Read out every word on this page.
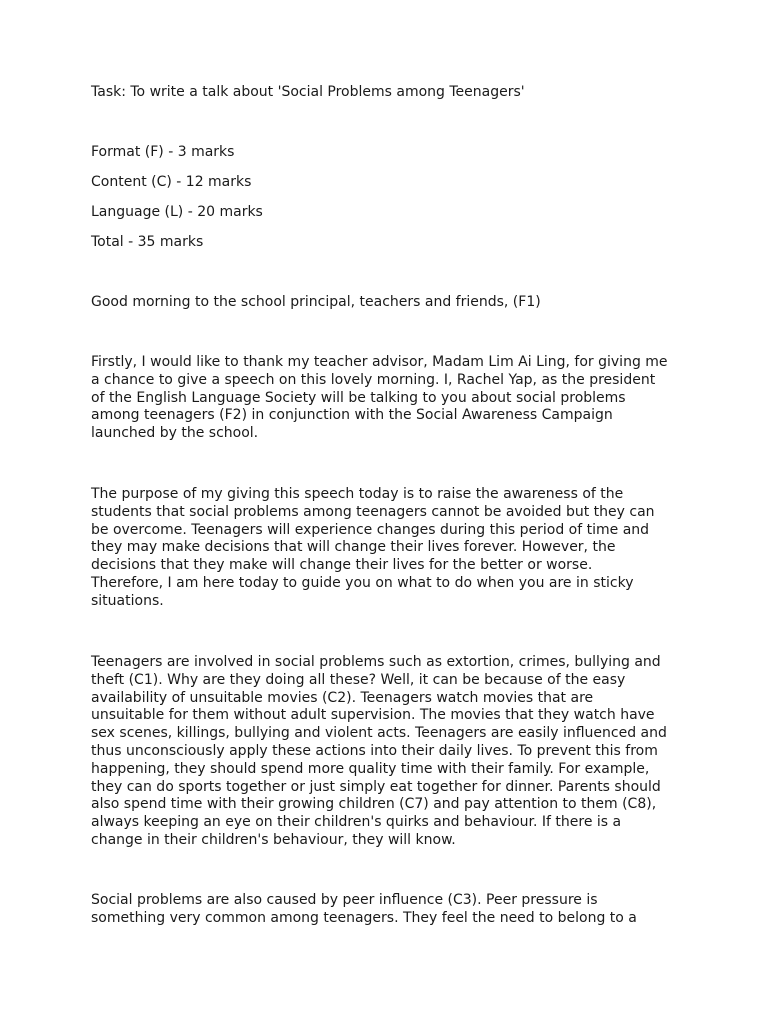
Task: To write a talk about 'Social Problems among Teenagers'

Format (F) - 3 marks

Content (C) - 12 marks

Language (L) - 20 marks

Total - 35 marks

Good morning to the school principal, teachers and friends, (F1)

Firstly, I would like to thank my teacher advisor, Madam Lim Ai Ling, for giving me
a chance to give a speech on this lovely morning. I, Rachel Yap, as the president
of the English Language Society will be talking to you about social problems
among teenagers (F2) in conjunction with the Social Awareness Campaign
launched by the school.
The purpose of my giving this speech today is to raise the awareness of the
students that social problems among teenagers cannot be avoided but they can
be overcome. Teenagers will experience changes during this period of time and
they may make decisions that will change their lives forever. However, the
decisions that they make will change their lives for the better or worse.
Therefore, I am here today to guide you on what to do when you are in sticky
situations.
Teenagers are involved in social problems such as extortion, crimes, bullying and
theft (C1). Why are they doing all these? Well, it can be because of the easy
availability of unsuitable movies (C2). Teenagers watch movies that are
unsuitable for them without adult supervision. The movies that they watch have
sex scenes, killings, bullying and violent acts. Teenagers are easily influenced and
thus unconsciously apply these actions into their daily lives. To prevent this from
happening, they should spend more quality time with their family. For example,
they can do sports together or just simply eat together for dinner. Parents should
also spend time with their growing children (C7) and pay attention to them (C8),
always keeping an eye on their children's quirks and behaviour. If there is a
change in their children's behaviour, they will know.
Social problems are also caused by peer influence (C3). Peer pressure is
something very common among teenagers. They feel the need to belong to a
